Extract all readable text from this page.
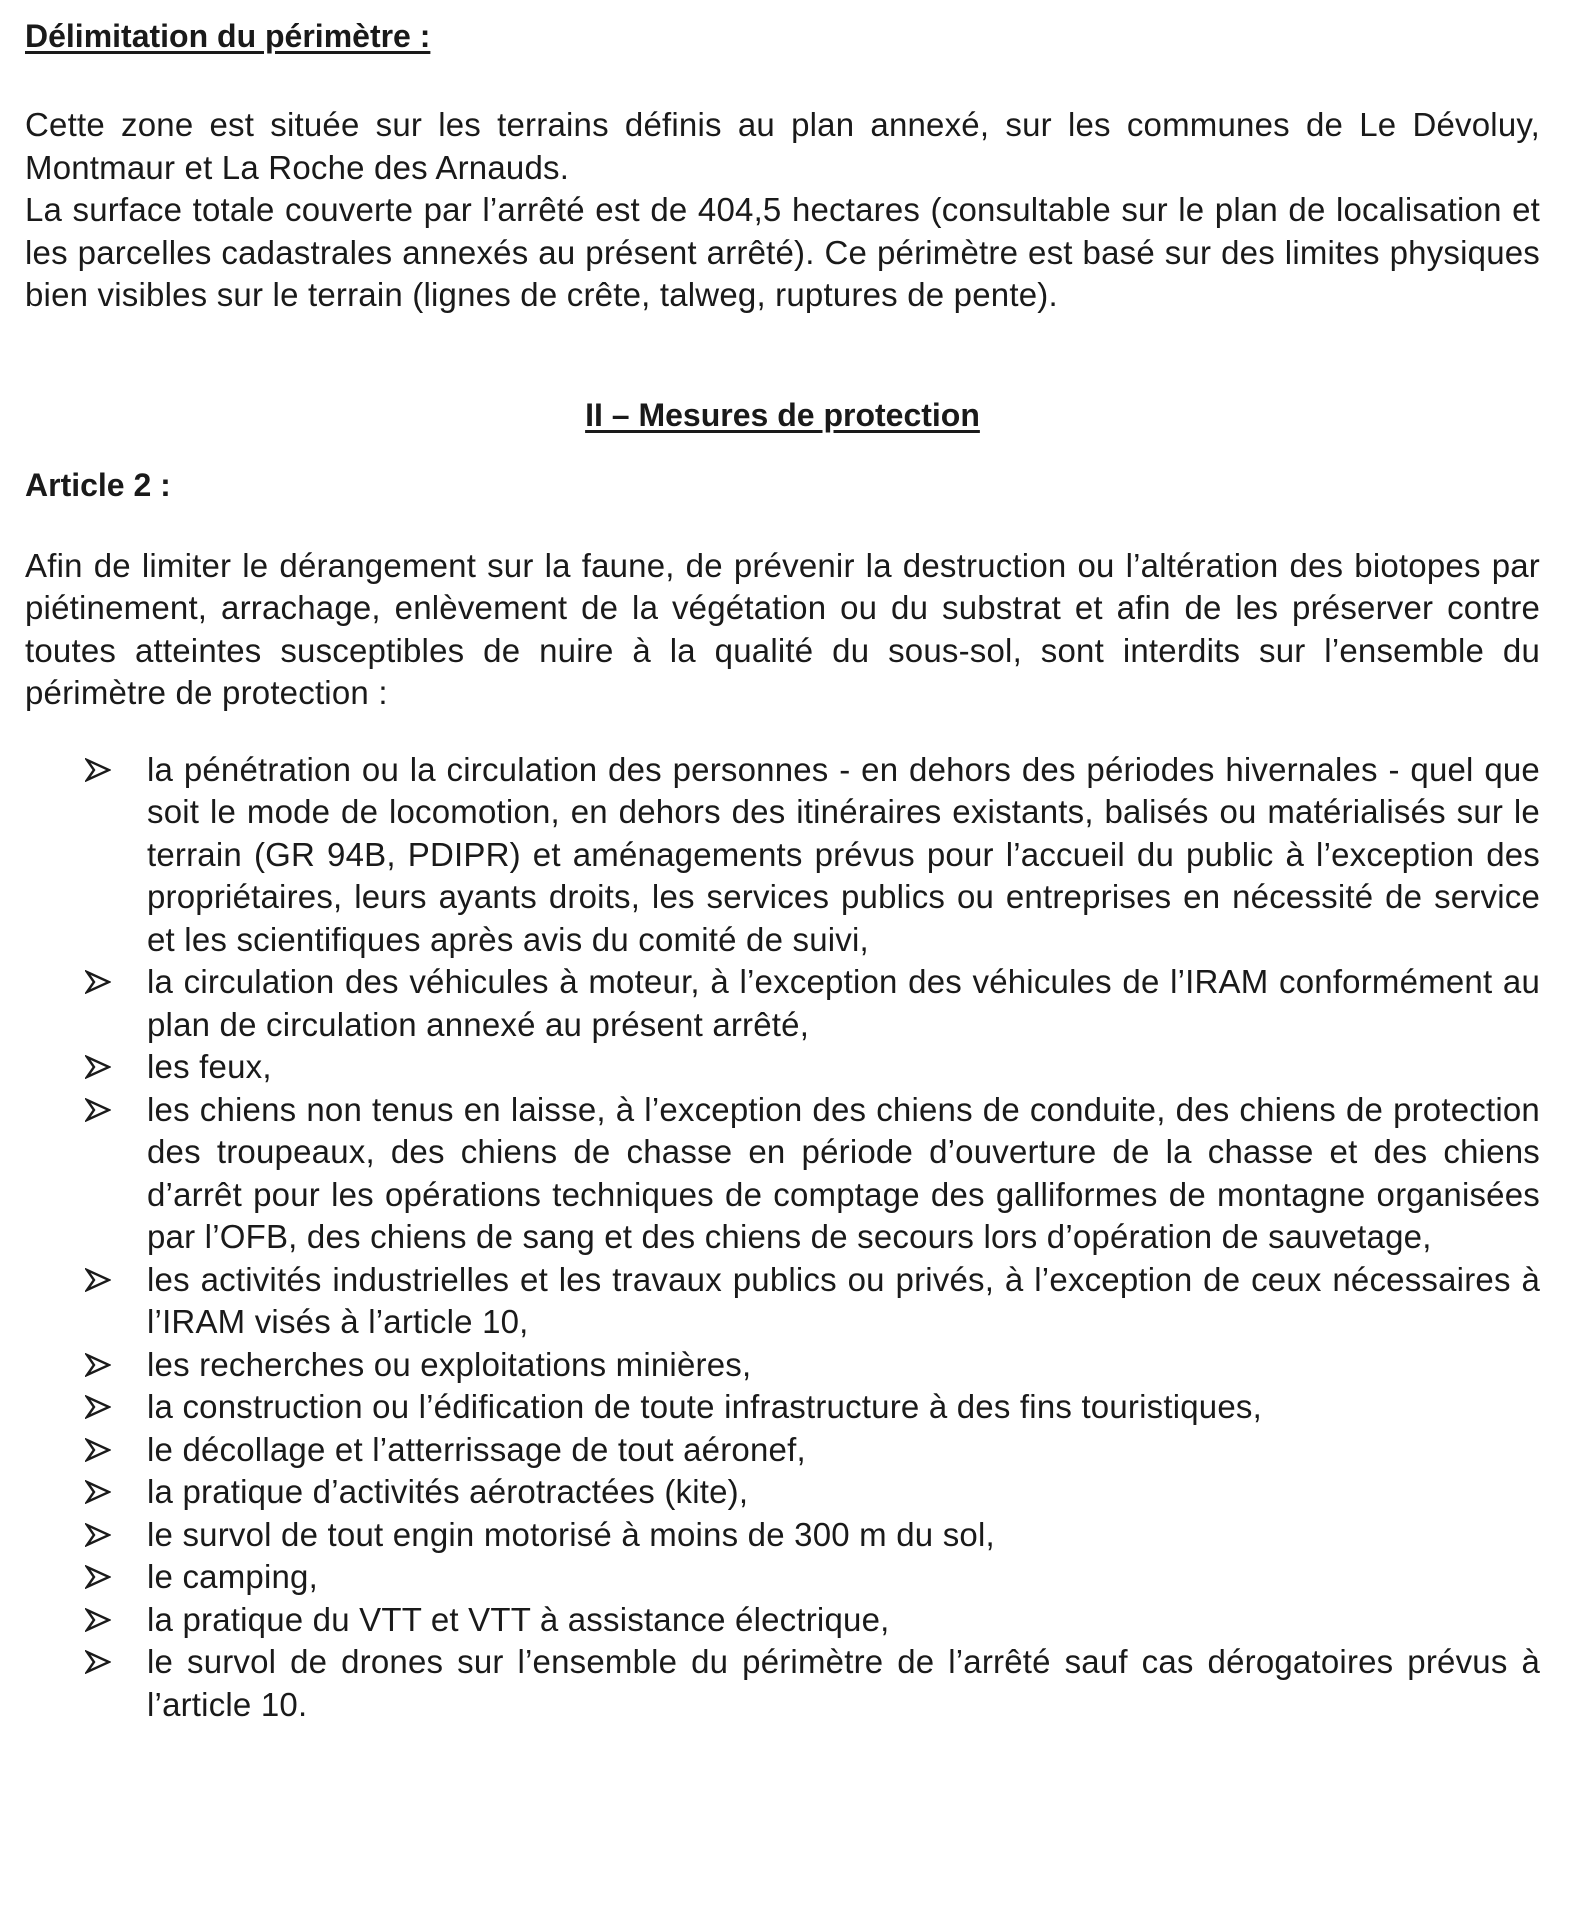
Délimitation du périmètre :

Cette zone est située sur les terrains définis au plan annexé, sur les communes de Le Dévoluy, Montmaur et La Roche des Arnauds.

La surface totale couverte par l’arrêté est de 404,5 hectares (consultable sur le plan de localisation et les parcelles cadastrales annexés au présent arrêté). Ce périmètre est basé sur des limites physiques bien visibles sur le terrain (lignes de crête, talweg, ruptures de pente).

II – Mesures de protection
Article 2 :

Afin de limiter le dérangement sur la faune, de prévenir la destruction ou l’altération des biotopes par piétinement, arrachage, enlèvement de la végétation ou du substrat et afin de les préserver contre toutes atteintes susceptibles de nuire à la qualité du sous-sol, sont interdits sur l’ensemble du périmètre de protection :

la pénétration ou la circulation des personnes - en dehors des périodes hivernales - quel que soit le mode de locomotion, en dehors des itinéraires existants, balisés ou matérialisés sur le terrain (GR 94B, PDIPR) et aménagements prévus pour l’accueil du public à l’exception des propriétaires, leurs ayants droits, les services publics ou entreprises en nécessité de service et les scientifiques après avis du comité de suivi,
la circulation des véhicules à moteur, à l’exception des véhicules de l’IRAM conformément au plan de circulation annexé au présent arrêté,
les feux,
les chiens non tenus en laisse, à l’exception des chiens de conduite, des chiens de protection des troupeaux, des chiens de chasse en période d’ouverture de la chasse et des chiens d’arrêt pour les opérations techniques de comptage des galliformes de montagne organisées par l’OFB, des chiens de sang et des chiens de secours lors d’opération de sauvetage,
les activités industrielles et les travaux publics ou privés, à l’exception de ceux nécessaires à l’IRAM visés à l’article 10,
les recherches ou exploitations minières,
la construction ou l’édification de toute infrastructure à des fins touristiques,
le décollage et l’atterrissage de tout aéronef,
la pratique d’activités aérotractées (kite),
le survol de tout engin motorisé à moins de 300 m du sol,
le camping,
la pratique du VTT et VTT à assistance électrique,
le survol de drones sur l’ensemble du périmètre de l’arrêté sauf cas dérogatoires prévus à l’article 10.
